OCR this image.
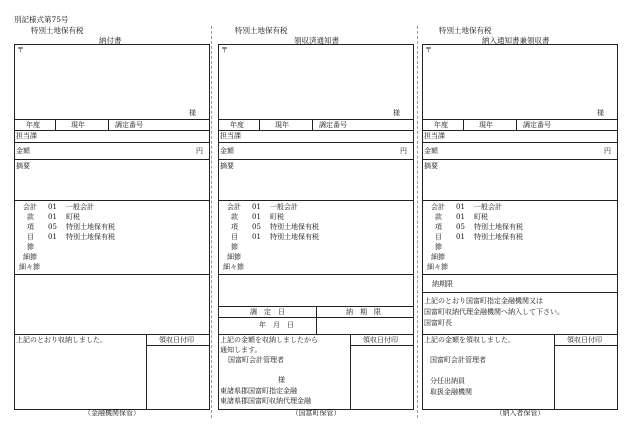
別記様式第75号
特別土地保有税
納付書
〒
様
年度	現年	調定番号
担当課
金額	円
摘要
会計 01 一般会計
款 01 町税
項 05 特別土地保有税
目 01 特別土地保有税
節
細節
細々節
上記のとおり収納しました。	領収日付印
（金融機関保管）
特別土地保有税
領収済通知書
〒
様
年度	現年	調定番号
担当課
金額	円
摘要
会計 01 一般会計
款 01 町税
項 05 特別土地保有税
目 01 特別土地保有税
節
細節
細々節
調　定　日	納　期　限
年　月　日
上記の金額を収納しましたから
通知します。
国富町会計管理者
様
東諸県郡国富町指定金融
東諸県郡国富町収納代理金融
領収日付印
（国富町保管）
特別土地保有税
納入通知書兼領収書
〒
様
年度	現年	調定番号
担当課
金額	円
摘要
会計 01 一般会計
款 01 町税
項 05 特別土地保有税
目 01 特別土地保有税
節
細節
細々節
納期限
上記のとおり国富町指定金融機関又は
国富町収納代理金融機関へ納入して下さい。
国富町長
上記の金額を領収しました。
国富町会計管理者
分任出納員
取扱金融機関
領収日付印
（納入者保管）
